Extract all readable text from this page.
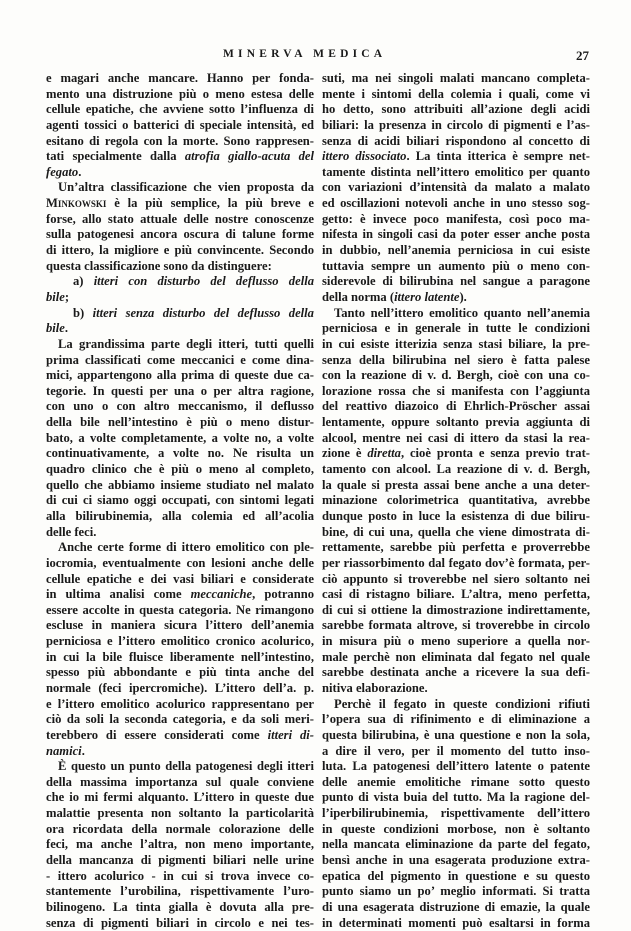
MINERVA MEDICA	27
e magari anche mancare. Hanno per fonda-
mento una distruzione più o meno estesa delle
cellule epatiche, che avviene sotto l’influenza di
agenti tossici o batterici di speciale intensità, ed
esitano di regola con la morte. Sono rappresen-
tati specialmente dalla atrofia giallo-acuta del
fegato.
Un’altra classificazione che vien proposta da
Minkowski è la più semplice, la più breve e
forse, allo stato attuale delle nostre conoscenze
sulla patogenesi ancora oscura di talune forme
di ittero, la migliore e più convincente. Secondo
questa classificazione sono da distinguere:
a) itteri con disturbo del deflusso della
bile;
b) itteri senza disturbo del deflusso della
bile.
La grandissima parte degli itteri, tutti quelli
prima classificati come meccanici e come dina-
mici, appartengono alla prima di queste due ca-
tegorie. In questi per una o per altra ragione,
con uno o con altro meccanismo, il deflusso
della bile nell’intestino è più o meno distur-
bato, a volte completamente, a volte no, a volte
continuativamente, a volte no. Ne risulta un
quadro clinico che è più o meno al completo,
quello che abbiamo insieme studiato nel malato
di cui ci siamo oggi occupati, con sintomi legati
alla bilirubinemia, alla colemia ed all’acolia
delle feci.
Anche certe forme di ittero emolitico con ple-
iocromia, eventualmente con lesioni anche delle
cellule epatiche e dei vasi biliari e considerate
in ultima analisi come meccaniche, potranno
essere accolte in questa categoria. Ne rimangono
escluse in maniera sicura l’ittero dell’anemia
perniciosa e l’ittero emolitico cronico acolurico,
in cui la bile fluisce liberamente nell’intestino,
spesso più abbondante e più tinta anche del
normale (feci ipercromiche). L’ittero dell’a. p.
e l’ittero emolitico acolurico rappresentano per
ciò da soli la seconda categoria, e da soli meri-
terebbero di essere considerati come itteri di-
namici.
È questo un punto della patogenesi degli itteri
della massima importanza sul quale conviene
che io mi fermi alquanto. L’ittero in queste due
malattie presenta non soltanto la particolarità
ora ricordata della normale colorazione delle
feci, ma anche l’altra, non meno importante,
della mancanza di pigmenti biliari nelle urine
- ittero acolurico - in cui si trova invece co-
stantemente l’urobilina, rispettivamente l’uro-
bilinogeno. La tinta gialla è dovuta alla pre-
senza di pigmenti biliari in circolo e nei tes-
suti, ma nei singoli malati mancano completa-
mente i sintomi della colemia i quali, come vi
ho detto, sono attribuiti all’azione degli acidi
biliari: la presenza in circolo di pigmenti e l’as-
senza di acidi biliari rispondono al concetto di
ittero dissociato. La tinta itterica è sempre net-
tamente distinta nell’ittero emolitico per quanto
con variazioni d’intensità da malato a malato
ed oscillazioni notevoli anche in uno stesso sog-
getto: è invece poco manifesta, così poco ma-
nifesta in singoli casi da poter esser anche posta
in dubbio, nell’anemia perniciosa in cui esiste
tuttavia sempre un aumento più o meno con-
siderevole di bilirubina nel sangue a paragone
della norma (ittero latente).
Tanto nell’ittero emolitico quanto nell’anemia
perniciosa e in generale in tutte le condizioni
in cui esiste itterizia senza stasi biliare, la pre-
senza della bilirubina nel siero è fatta palese
con la reazione di v. d. Bergh, cioè con una co-
lorazione rossa che si manifesta con l’aggiunta
del reattivo diazoico di Ehrlich-Pröscher assai
lentamente, oppure soltanto previa aggiunta di
alcool, mentre nei casi di ittero da stasi la rea-
zione è diretta, cioè pronta e senza previo trat-
tamento con alcool. La reazione di v. d. Bergh,
la quale si presta assai bene anche a una deter-
minazione colorimetrica quantitativa, avrebbe
dunque posto in luce la esistenza di due biliru-
bine, di cui una, quella che viene dimostrata di-
rettamente, sarebbe più perfetta e proverrebbe
per riassorbimento dal fegato dov’è formata, per-
ciò appunto si troverebbe nel siero soltanto nei
casi di ristagno biliare. L’altra, meno perfetta,
di cui si ottiene la dimostrazione indirettamente,
sarebbe formata altrove, si troverebbe in circolo
in misura più o meno superiore a quella nor-
male perchè non eliminata dal fegato nel quale
sarebbe destinata anche a ricevere la sua defi-
nitiva elaborazione.
Perchè il fegato in queste condizioni rifiuti
l’opera sua di rifinimento e di eliminazione a
questa bilirubina, è una questione e non la sola,
a dire il vero, per il momento del tutto inso-
luta. La patogenesi dell’ittero latente o patente
delle anemie emolitiche rimane sotto questo
punto di vista buia del tutto. Ma la ragione del-
l’iperbilirubinemia, rispettivamente dell’ittero
in queste condizioni morbose, non è soltanto
nella mancata eliminazione da parte del fegato,
bensì anche in una esagerata produzione extra-
epatica del pigmento in questione e su questo
punto siamo un po’ meglio informati. Si tratta
di una esagerata distruzione di emazie, la quale
in determinati momenti può esaltarsi in forma
